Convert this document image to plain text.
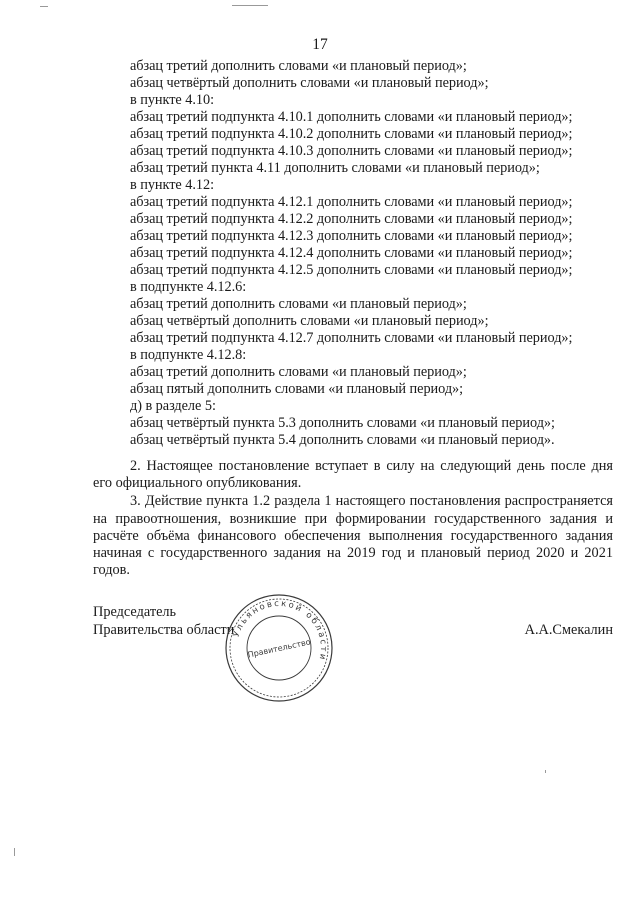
17
абзац третий дополнить словами «и плановый период»;
абзац четвёртый дополнить словами «и плановый период»;
в пункте 4.10:
абзац третий подпункта 4.10.1 дополнить словами «и плановый период»;
абзац третий подпункта 4.10.2 дополнить словами «и плановый период»;
абзац третий подпункта 4.10.3 дополнить словами «и плановый период»;
абзац третий пункта 4.11 дополнить словами «и плановый период»;
в пункте 4.12:
абзац третий подпункта 4.12.1 дополнить словами «и плановый период»;
абзац третий подпункта 4.12.2 дополнить словами «и плановый период»;
абзац третий подпункта 4.12.3 дополнить словами «и плановый период»;
абзац третий подпункта 4.12.4 дополнить словами «и плановый период»;
абзац третий подпункта 4.12.5 дополнить словами «и плановый период»;
в подпункте 4.12.6:
абзац третий дополнить словами «и плановый период»;
абзац четвёртый дополнить словами «и плановый период»;
абзац третий подпункта 4.12.7 дополнить словами «и плановый период»;
в подпункте 4.12.8:
абзац третий дополнить словами «и плановый период»;
абзац пятый дополнить словами «и плановый период»;
д) в разделе 5:
абзац четвёртый пункта 5.3 дополнить словами «и плановый период»;
абзац четвёртый пункта 5.4 дополнить словами «и плановый период».

2. Настоящее постановление вступает в силу на следующий день после дня его официального опубликования.

3. Действие пункта 1.2 раздела 1 настоящего постановления распространяется на правоотношения, возникшие при формировании государственного задания и расчёте объёма финансового обеспечения выполнения государственного задания начиная с государственного задания на 2019 год и плановый период 2020 и 2021 годов.

Председатель
Правительства области	А.А.Смекалин
Ульяновской области
Правительство
